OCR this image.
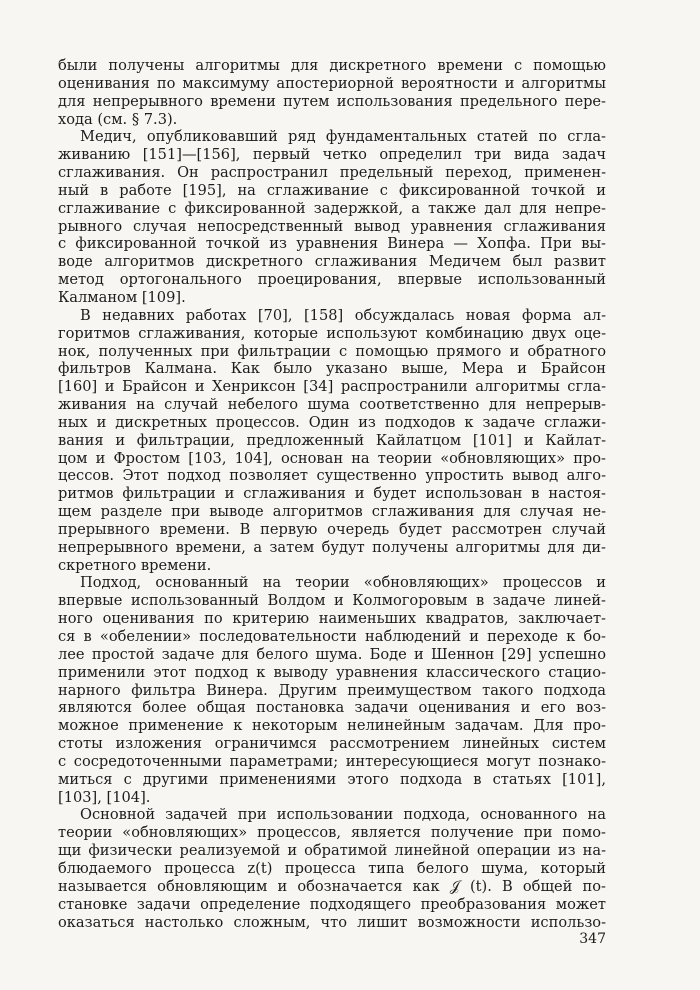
были получены алгоритмы для дискретного времени с помощью
оценивания по максимуму апостериорной вероятности и алгоритмы
для непрерывного времени путем использования предельного пере-
хода (см. § 7.3).

Медич, опубликовавший ряд фундаментальных статей по сгла-
живанию [151]—[156], первый четко определил три вида задач
сглаживания. Он распространил предельный переход, применен-
ный в работе [195], на сглаживание с фиксированной точкой и
сглаживание с фиксированной задержкой, а также дал для непре-
рывного случая непосредственный вывод уравнения сглаживания
с фиксированной точкой из уравнения Винера — Хопфа. При вы-
воде алгоритмов дискретного сглаживания Медичем был развит
метод ортогонального проецирования, впервые использованный
Калманом [109].

В недавних работах [70], [158] обсуждалась новая форма ал-
горитмов сглаживания, которые используют комбинацию двух оце-
нок, полученных при фильтрации с помощью прямого и обратного
фильтров Калмана. Как было указано выше, Мера и Брайсон
[160] и Брайсон и Хенриксон [34] распространили алгоритмы сгла-
живания на случай небелого шума соответственно для непрерыв-
ных и дискретных процессов. Один из подходов к задаче сглажи-
вания и фильтрации, предложенный Кайлатцом [101] и Кайлат-
цом и Фростом [103, 104], основан на теории «обновляющих» про-
цессов. Этот подход позволяет существенно упростить вывод алго-
ритмов фильтрации и сглаживания и будет использован в настоя-
щем разделе при выводе алгоритмов сглаживания для случая не-
прерывного времени. В первую очередь будет рассмотрен случай
непрерывного времени, а затем будут получены алгоритмы для ди-
скретного времени.

Подход, основанный на теории «обновляющих» процессов и
впервые использованный Волдом и Колмогоровым в задаче линей-
ного оценивания по критерию наименьших квадратов, заключает-
ся в «обелении» последовательности наблюдений и переходе к бо-
лее простой задаче для белого шума. Боде и Шеннон [29] успешно
применили этот подход к выводу уравнения классического стацио-
нарного фильтра Винера. Другим преимуществом такого подхода
являются более общая постановка задачи оценивания и его воз-
можное применение к некоторым нелинейным задачам. Для про-
стоты изложения ограничимся рассмотрением линейных систем
с сосредоточенными параметрами; интересующиеся могут познако-
миться с другими применениями этого подхода в статьях [101],
[103], [104].

Основной задачей при использовании подхода, основанного на
теории «обновляющих» процессов, является получение при помо-
щи физически реализуемой и обратимой линейной операции из на-
блюдаемого процесса z(t) процесса типа белого шума, который
называется обновляющим и обозначается как 𝒥 (t). В общей по-
становке задачи определение подходящего преобразования может
оказаться настолько сложным, что лишит возможности использо-

347
